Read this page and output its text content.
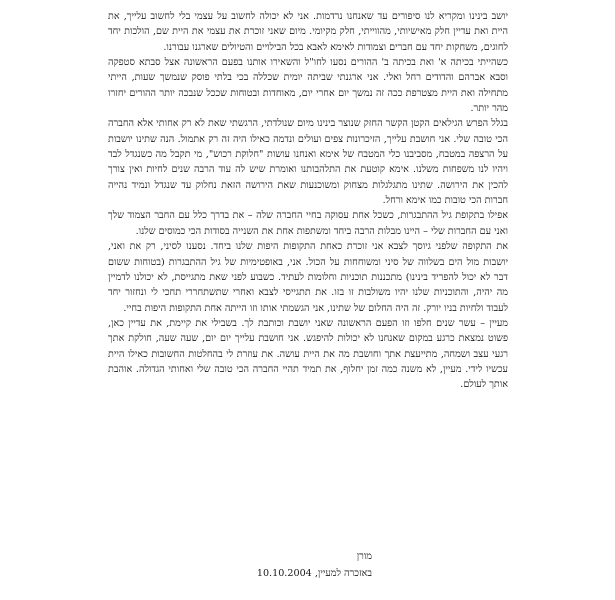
יושב בינינו ומקריא לנו סיפורים עד שאנחנו נרדמות. אני לא יכולה לחשוב על עצמי בלי לחשוב עלייך, את היית ואת עדיין חלק מאישיותי, מהווייתי, חלק מקיומי. מיום שאני זוכרת את עצמי את היית שם, הולכות יחד לחוגים, משחקות יחד עם חברים וצמודות לאימא לאבא בכל הבילויים והטיולים שארגנו עבורנו.

כשהייתי בכיתה א' ואת בכיתה ב' ההורים נסעו לחו"ל והשאירו אותנו בפעם הראשונה אצל סבתא סטפקה וסבא אברהם והדודים רחל ואלי. אני ארגנתי שביתה יומית שכללה בכי בלתי פוסק שנמשך שעות, הייתי מתחילה ואת היית מצטרפת ככה זה נמשך יום אחרי יום, מאוחדות ובטוחות שככל שנבכה יותר ההורים יחזרו מהר יותר.

בגלל הפרש הגילאים הקטן הקשר החזק שנוצר בינינו מיום שנולדתי, הרגשתי שאת לא רק אחותי אלא החברה הכי טובה שלי. אני חושבת עלייך, הזיכרונות צפים ועולים ונדמה כאילו היה זה רק אתמול. הנה שתינו יושבות על הרצפה במטבח, מסביבנו כלי המטבח של אימא ואנחנו עושות "חלוקת רכוש", מי תקבל מה כשנגדל לבד ויהיו לנו משפחות משלנו. אימא קוטעת את התלהבותנו ואומרת שיש לה עוד הרבה שנים לחיות ואין צורך להכין את הירושה. שתינו מתגלגלות מצחוק ומשוכנעות שאת הירושה הזאת נחלוק עד שנגדל ונמיד נהייה חברות הכי טובות כמו אימא ורחל.

אפילו בתקופת גיל ההתבגרות, כשכל אחת עסוקה בחיי החברה שלה – את בדרך כלל עם החבר הצמוד שלך ואני עם החברות שלי – היינו מבלות הרבה ביחד ומשתפות אחת את השנייה בסודות הכי כמוסים שלנו.

את התקופה שלפני גיוסך לצבא אני זוכרת כאחת התקופות היפות שלנו ביחד. נסענו לסיני, רק את ואני, יושבות מול הים בשלווה של סיני ומשוחחות על הכול. אני, באופטימיות של גיל ההתבגרות (בטוחות ששום דבר לא יכול להפריד בינינו) מתכננות תוכניות וחלומות לעתיד. כשבוע לפני שאת מתגייסת, לא יכולנו לדמיין מה יהיה, והתוכניות שלנו יהיו משולבות זו בזו. את תתגייסי לצבא ואחרי שתשתחררי תחכי לי ונחזור יחד לעבוד ולחיות בניו יורק. זה היה החלום של שתינו, אני הגשמתי אותו וזו הייתה אחת התקופות היפות בחיי.

מעיין – עשר שנים חלפו וזו הפעם הראשונה שאני יושבת וכותבת לך. בשבילי את קיימת, את עדיין כאן, פשוט נמצאת כרגע במקום שאנחנו לא יכולות להיפגש. אני חושבת עלייך יום יום, שעה שעה, חולקת אתך רגעי עצב ושמחה, מתייעצת אתך וחושבת מה את היית עושה. את עוזרת לי בהחלטות החשובות כאילו היית עכשיו לידי. מעיין, לא משנה כמה זמן יחלוף, את תמיד תהיי החברה הכי טובה שלי ואחותי הגדולה. אוהבת אותך לעולם.

מורן
באזכרה למעיין, 10.10.2004
